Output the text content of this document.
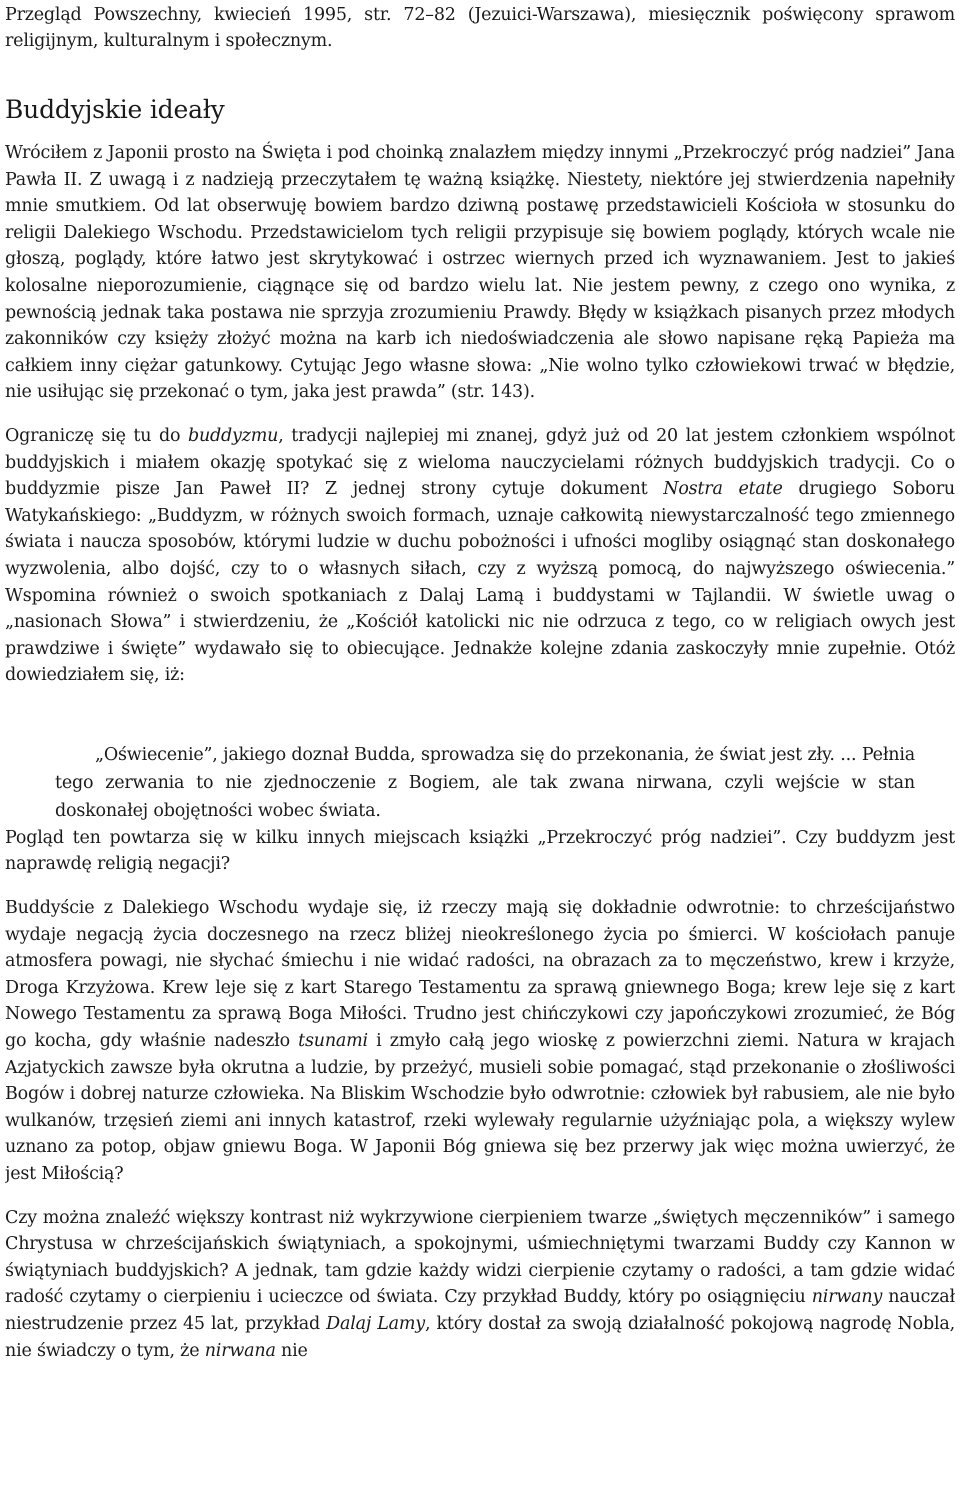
Przegląd Powszechny, kwiecień 1995, str. 72–82 (Jezuici-Warszawa), miesięcznik poświęcony sprawom religijnym, kulturalnym i społecznym.

Buddyjskie ideały

Wróciłem z Japonii prosto na Święta i pod choinką znalazłem między innymi „Przekroczyć próg nadziei” Jana Pawła II. Z uwagą i z nadzieją przeczytałem tę ważną książkę. Niestety, niektóre jej stwierdzenia napełniły mnie smutkiem. Od lat obserwuję bowiem bardzo dziwną postawę przedstawicieli Kościoła w stosunku do religii Dalekiego Wschodu. Przedstawicielom tych religii przypisuje się bowiem poglądy, których wcale nie głoszą, poglądy, które łatwo jest skrytykować i ostrzec wiernych przed ich wyznawaniem. Jest to jakieś kolosalne nieporozumienie, ciągnące się od bardzo wielu lat. Nie jestem pewny, z czego ono wynika, z pewnością jednak taka postawa nie sprzyja zrozumieniu Prawdy. Błędy w książkach pisanych przez młodych zakonników czy księży złożyć można na karb ich niedoświadczenia ale słowo napisane ręką Papieża ma całkiem inny ciężar gatunkowy. Cytując Jego własne słowa: „Nie wolno tylko człowiekowi trwać w błędzie, nie usiłując się przekonać o tym, jaka jest prawda” (str. 143).

Ograniczę się tu do buddyzmu, tradycji najlepiej mi znanej, gdyż już od 20 lat jestem członkiem wspólnot buddyjskich i miałem okazję spotykać się z wieloma nauczycielami różnych buddyjskich tradycji. Co o buddyzmie pisze Jan Paweł II? Z jednej strony cytuje dokument Nostra etate drugiego Soboru Watykańskiego: „Buddyzm, w różnych swoich formach, uznaje całkowitą niewystarczalność tego zmiennego świata i naucza sposobów, którymi ludzie w duchu pobożności i ufności mogliby osiągnąć stan doskonałego wyzwolenia, albo dojść, czy to o własnych siłach, czy z wyższą pomocą, do najwyższego oświecenia.” Wspomina również o swoich spotkaniach z Dalaj Lamą i buddystami w Tajlandii. W świetle uwag o „nasionach Słowa” i stwierdzeniu, że „Kościół katolicki nic nie odrzuca z tego, co w religiach owych jest prawdziwe i święte” wydawało się to obiecujące. Jednakże kolejne zdania zaskoczyły mnie zupełnie. Otóż dowiedziałem się, iż:

„Oświecenie”, jakiego doznał Budda, sprowadza się do przekonania, że świat jest zły. ... Pełnia tego zerwania to nie zjednoczenie z Bogiem, ale tak zwana nirwana, czyli wejście w stan doskonałej obojętności wobec świata.

Pogląd ten powtarza się w kilku innych miejscach książki „Przekroczyć próg nadziei”. Czy buddyzm jest naprawdę religią negacji?

Buddyście z Dalekiego Wschodu wydaje się, iż rzeczy mają się dokładnie odwrotnie: to chrześcijaństwo wydaje negacją życia doczesnego na rzecz bliżej nieokreślonego życia po śmierci. W kościołach panuje atmosfera powagi, nie słychać śmiechu i nie widać radości, na obrazach za to męczeństwo, krew i krzyże, Droga Krzyżowa. Krew leje się z kart Starego Testamentu za sprawą gniewnego Boga; krew leje się z kart Nowego Testamentu za sprawą Boga Miłości. Trudno jest chińczykowi czy japończykowi zrozumieć, że Bóg go kocha, gdy właśnie nadeszło tsunami i zmyło całą jego wioskę z powierzchni ziemi. Natura w krajach Azjatyckich zawsze była okrutna a ludzie, by przeżyć, musieli sobie pomagać, stąd przekonanie o złośliwości Bogów i dobrej naturze człowieka. Na Bliskim Wschodzie było odwrotnie: człowiek był rabusiem, ale nie było wulkanów, trzęsień ziemi ani innych katastrof, rzeki wylewały regularnie użyźniając pola, a większy wylew uznano za potop, objaw gniewu Boga. W Japonii Bóg gniewa się bez przerwy jak więc można uwierzyć, że jest Miłością?

Czy można znaleźć większy kontrast niż wykrzywione cierpieniem twarze „świętych męczenników” i samego Chrystusa w chrześcijańskich świątyniach, a spokojnymi, uśmiechniętymi twarzami Buddy czy Kannon w świątyniach buddyjskich? A jednak, tam gdzie każdy widzi cierpienie czytamy o radości, a tam gdzie widać radość czytamy o cierpieniu i ucieczce od świata. Czy przykład Buddy, który po osiągnięciu nirwany nauczał niestrudzenie przez 45 lat, przykład Dalaj Lamy, który dostał za swoją działalność pokojową nagrodę Nobla, nie świadczy o tym, że nirwana nie
